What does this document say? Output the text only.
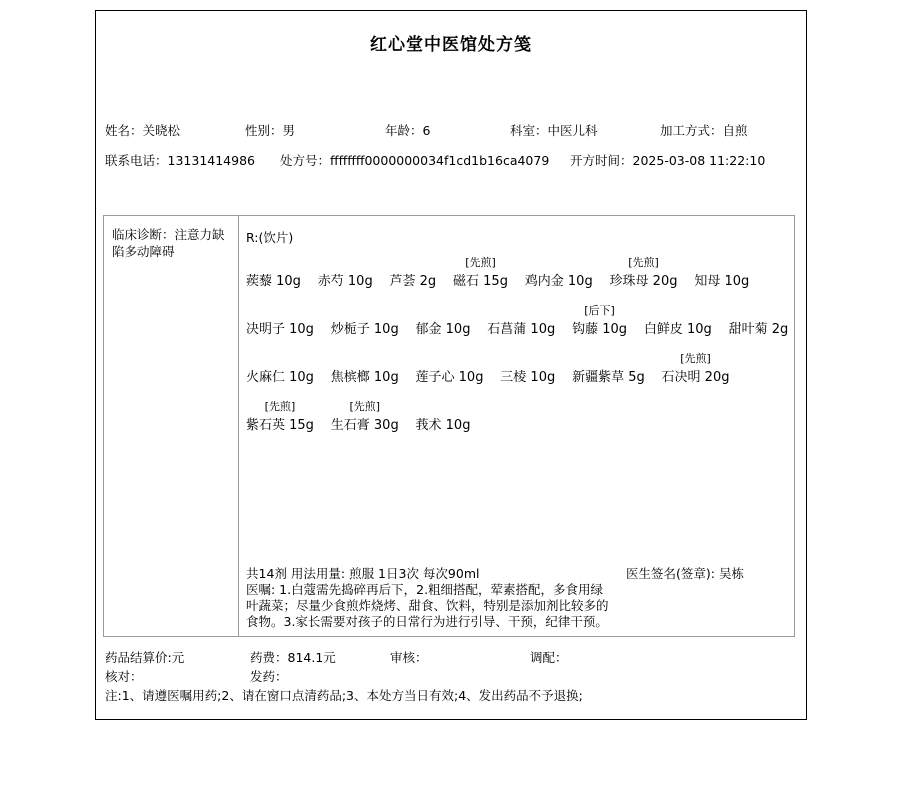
红心堂中医馆处方笺
姓名：关晓松	性别：男	年龄：6	科室：中医儿科	加工方式：自煎
联系电话：13131414986 处方号：ffffffff0000000034f1cd1b16ca4079 开方时间：2025-03-08 11:22:10
临床诊断：注意力缺陷多动障碍
R:(饮片)
蒺藜 10g
赤芍 10g
芦荟 2g

[先煎]
磁石 15g
鸡内金 10g

[先煎]
珍珠母 20g
知母 10g
决明子 10g
炒栀子 10g
郁金 10g
石菖蒲 10g

[后下]
钩藤 10g
白鲜皮 10g
甜叶菊 2g
火麻仁 10g
焦槟榔 10g
莲子心 10g
三棱 10g
新疆紫草 5g

[先煎]
石决明 20g
[先煎]
紫石英 15g

[先煎]
生石膏 30g
莪术 10g
共14剂 用法用量: 煎服 1日3次 每次90ml	医生签名(签章): 吴栋
医嘱: 1.白蔻需先捣碎再后下，2.粗细搭配，荤素搭配，多食用绿叶蔬菜；尽量少食煎炸烧烤、甜食、饮料，特别是添加剂比较多的食物。3.家长需要对孩子的日常行为进行引导、干预，纪律干预。
药品结算价:元	药费：814.1元	审核：	调配：
核对：	发药：
注:1、请遵医嘱用药;2、请在窗口点清药品;3、本处方当日有效;4、发出药品不予退换;
